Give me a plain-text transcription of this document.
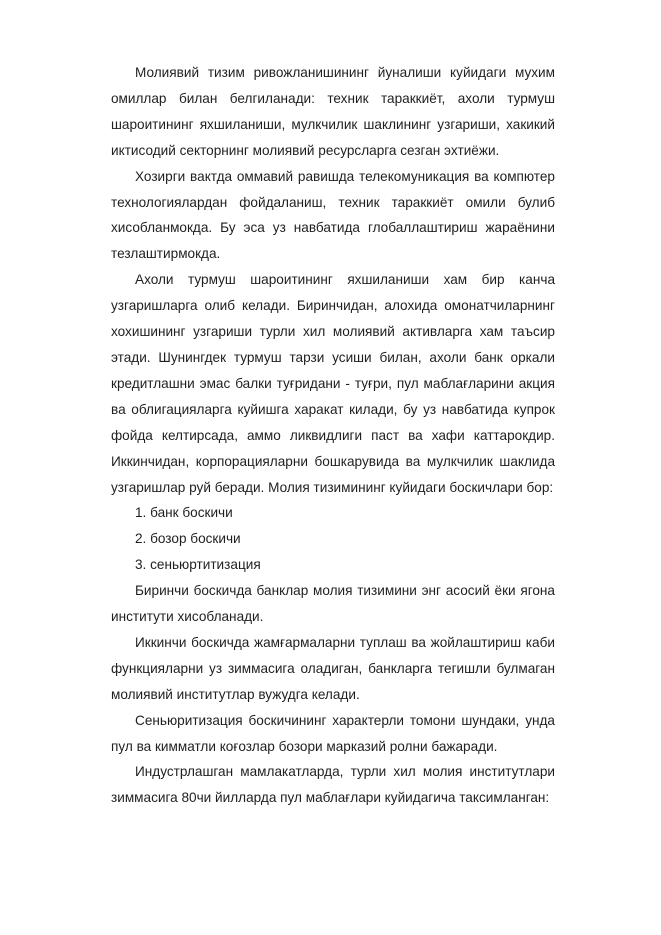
Молиявий тизим ривожланишининг йуналиши куйидаги мухим омиллар билан белгиланади: техник тараккиёт, ахоли турмуш шароитининг яхшиланиши, мулкчилик шаклининг узгариши, хакикий иктисодий секторнинг молиявий ресурсларга сезган эхтиёжи.

Хозирги вактда оммавий равишда телекомуникация ва компютер технологиялардан фойдаланиш, техник тараккиёт омили булиб хисобланмокда. Бу эса уз навбатида глобаллаштириш жараёнини тезлаштирмокда.

Ахоли турмуш шароитининг яхшиланиши хам бир канча узгаришларга олиб келади. Биринчидан, алохида омонатчиларнинг хохишининг узгариши турли хил молиявий активларга хам таъсир этади. Шунингдек турмуш тарзи усиши билан, ахоли банк оркали кредитлашни эмас балки туғридани - туғри, пул маблағларини акция ва облигацияларга куйишга харакат килади, бу уз навбатида купрок фойда келтирсада, аммо ликвидлиги паст ва хафи каттарокдир. Иккинчидан, корпорацияларни бошкарувида ва мулкчилик шаклида узгаришлар руй беради. Молия тизимининг куйидаги боскичлари бор:

1. банк боскичи

2. бозор боскичи

3. сеньюртитизация

Биринчи боскичда банклар молия тизимини энг асосий ёки ягона институти хисобланади.

Иккинчи боскичда жамғармаларни туплаш ва жойлаштириш каби функцияларни уз зиммасига оладиган, банкларга тегишли булмаган молиявий институтлар вужудга келади.

Сеньюритизация боскичининг характерли томони шундаки, унда пул ва кимматли коғозлар бозори марказий ролни бажаради.

Индустрлашган мамлакатларда, турли хил молия институтлари зиммасига 80чи йилларда пул маблағлари куйидагича таксимланган:
